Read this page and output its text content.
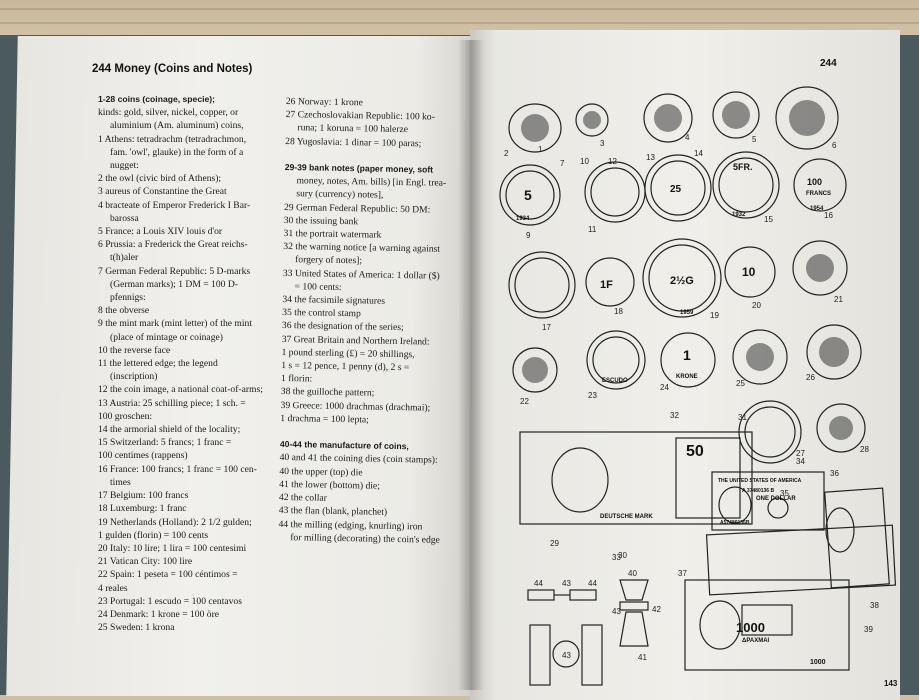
244 Money (Coins and Notes)
1-28 coins (coinage, specie);
kinds: gold, silver, nickel, copper, or
aluminium (Am. aluminum) coins,
1 Athens: tetradrachm (tetradrachmon,
fam. 'owl', glauke) in the form of a
nugget:
2 the owl (civic bird of Athens);
3 aureus of Constantine the Great
4 bracteate of Emperor Frederick I Bar-
barossa
5 France: a Louis XIV louis d'or
6 Prussia: a Frederick the Great reichs-
t(h)aler
7 German Federal Republic: 5 D-marks
(German marks); 1 DM = 100 D-
pfennigs:
8 the obverse
9 the mint mark (mint letter) of the mint
(place of mintage or coinage)
10 the reverse face
11 the lettered edge; the legend
(inscription)
12 the coin image, a national coat-of-arms;
13 Austria: 25 schilling piece; 1 sch. =
100 groschen:
14 the armorial shield of the locality;
15 Switzerland: 5 francs; 1 franc =
100 centimes (rappens)
16 France: 100 francs; 1 franc = 100 cen-
times
17 Belgium: 100 francs
18 Luxemburg: 1 franc
19 Netherlands (Holland): 2 1/2 gulden;
1 gulden (florin) = 100 cents
20 Italy: 10 lire; 1 lira = 100 centesimi
21 Vatican City: 100 lire
22 Spain: 1 peseta = 100 céntimos =
4 reales
23 Portugal: 1 escudo = 100 centavos
24 Denmark: 1 krone = 100 öre
25 Sweden: 1 krona
26 Norway: 1 krone
27 Czechoslovakian Republic: 100 ko-
runa; 1 koruna = 100 halerze
28 Yugoslavia: 1 dinar = 100 paras;

29-39 bank notes (paper money, soft
money, notes, Am. bills) [in Engl. trea-
sury (currency) notes],
29 German Federal Republic: 50 DM:
30 the issuing bank
31 the portrait watermark
32 the warning notice [a warning against
forgery of notes];
33 United States of America: 1 dollar ($)
= 100 cents:
34 the facsimile signatures
35 the control stamp
36 the designation of the series;
37 Great Britain and Northern Ireland:
1 pound sterling (£) = 20 shillings,
1 s = 12 pence, 1 penny (d), 2 s =
1 florin:
38 the guilloche pattern;
39 Greece: 1000 drachmas (drachmai);
1 drachma = 100 lepta;

40-44 the manufacture of coins,
40 and 41 the coining dies (coin stamps):
40 the upper (top) die
41 the lower (bottom) die;
42 the collar
43 the flan (blank, planchet)
44 the milling (edging, knurling) iron
for milling (decorating) the coin's edge
244
2	1
3
4	5
6
7 10 12	13	14
9
11
15	16
17
18	19
20
21
22
23
24	25
26
27	28
32
29
30
31
33
34
35
36
37
38
39
44 43 44
40
43	42
41
43
5	25
5FR.
100
FRANCS
1934
1932
1954
1F	2½G
10
1959
ESCUDO
1
KRONE
50
DEUTSCHE MARK
THE UNITED STATES OF AMERICA
A 37480136 B
ONE DOLLAR
A57480136B
1000
ΔPAXMAI
1000
143
